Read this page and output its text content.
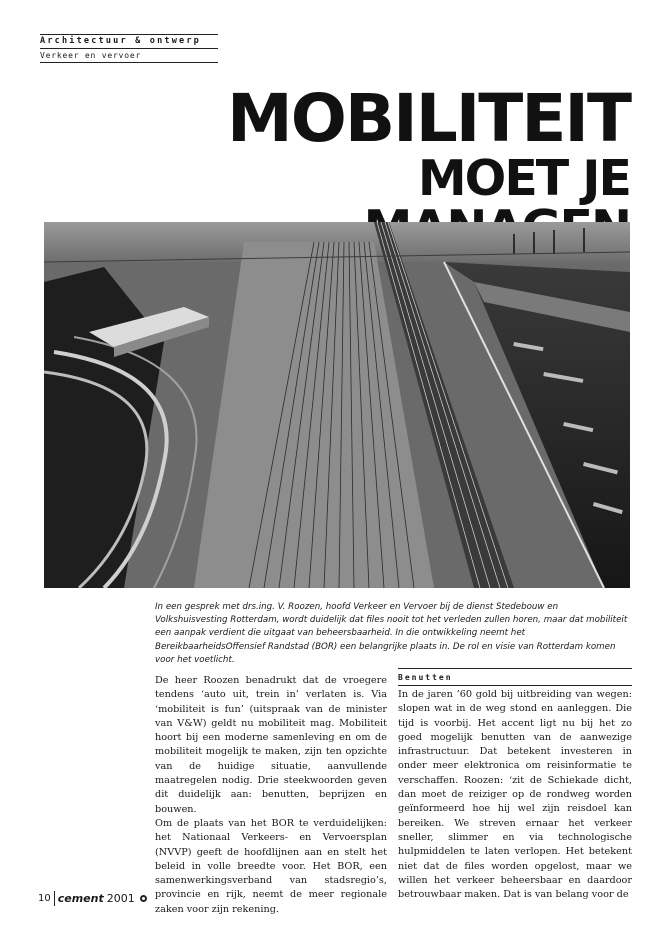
Architectuur & ontwerp
Verkeer en vervoer
MOBILITEIT
MOET JE
In een gesprek met drs.ing. V. Roozen, hoofd Verkeer en Vervoer bij de dienst Stedebouw en Volkshuisvesting Rotterdam, wordt duidelijk dat files nooit tot het verleden zullen horen, maar dat mobiliteit een aanpak verdient die uitgaat van beheersbaarheid. In die ontwikkeling neemt het BereikbaarheidsOffensief Randstad (BOR) een belangrijke plaats in. De rol en visie van Rotterdam komen voor het voetlicht.
De heer Roozen benadrukt dat de vroegere tendens ‘auto uit, trein in’ verlaten is. Via ‘mobiliteit is fun’ (uitspraak van de minister van V&W) geldt nu mobiliteit mag. Mobiliteit hoort bij een moderne samenleving en om de mobiliteit mogelijk te maken, zijn ten opzichte van de huidige situatie, aanvullende maatregelen nodig. Drie steekwoorden geven dit duidelijk aan: benutten, beprijzen en bouwen.
Om de plaats van het BOR te verduidelijken: het Nationaal Verkeers- en Vervoersplan (NVVP) geeft de hoofdlijnen aan en stelt het beleid in volle breedte voor. Het BOR, een samenwerkingsverband van stadsregio’s, provincie en rijk, neemt de meer regionale zaken voor zijn rekening.
Benutten
In de jaren ’60 gold bij uitbreiding van wegen: slopen wat in de weg stond en aanleggen. Die tijd is voorbij. Het accent ligt nu bij het zo goed mogelijk benutten van de aanwezige infrastructuur. Dat betekent investeren in onder meer elektronica om reisinformatie te verschaffen. Roozen: ‘zit de Schiekade dicht, dan moet de reiziger op de rondweg worden geïnformeerd hoe hij wel zijn reisdoel kan bereiken. We streven ernaar het verkeer sneller, slimmer en via technologische hulpmiddelen te laten verlopen. Het betekent niet dat de files worden opgelost, maar we willen het verkeer beheersbaar en daardoor betrouwbaar maken. Dat is van belang voor de
10 cement 2001
